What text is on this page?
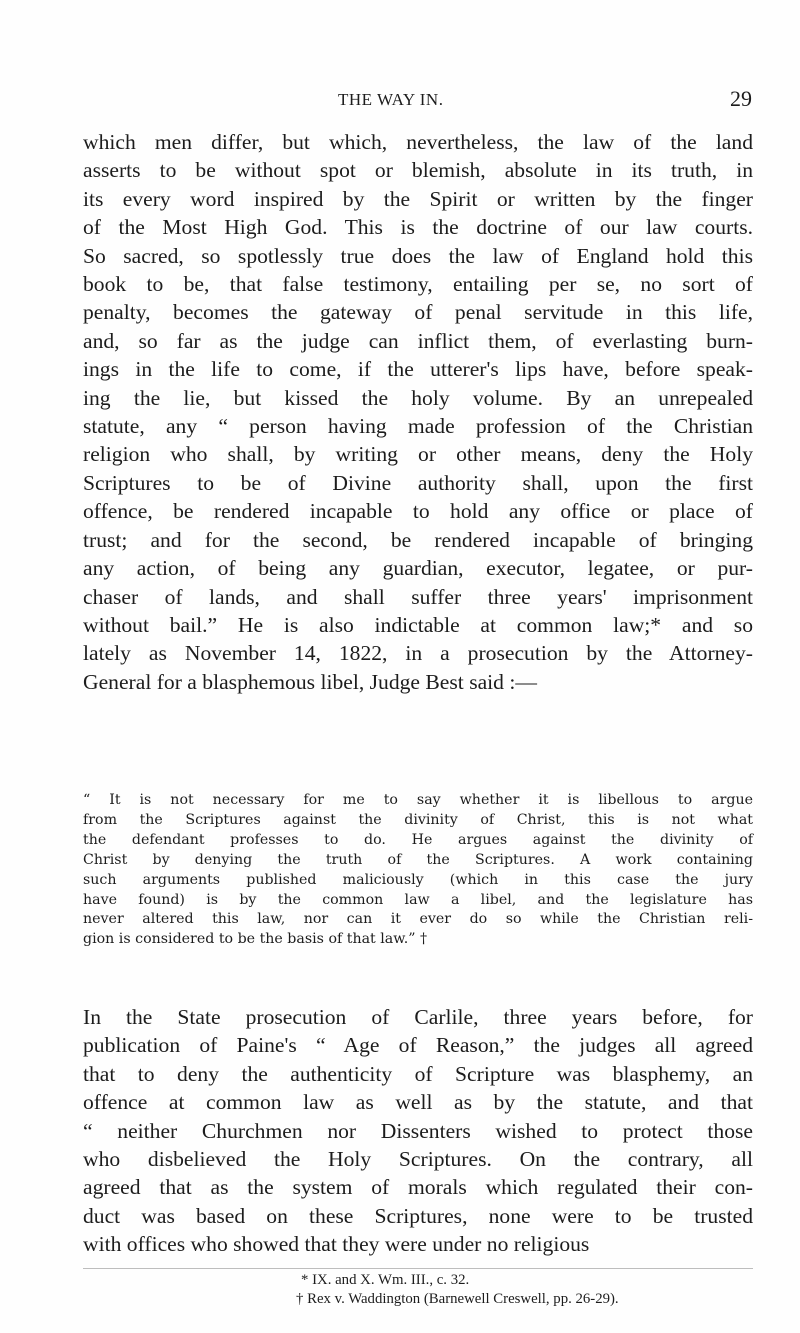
THE WAY IN.	29
which men differ, but which, nevertheless, the law of the land
asserts to be without spot or blemish, absolute in its truth, in
its every word inspired by the Spirit or written by the finger
of the Most High God. This is the doctrine of our law courts.
So sacred, so spotlessly true does the law of England hold this
book to be, that false testimony, entailing per se, no sort of
penalty, becomes the gateway of penal servitude in this life,
and, so far as the judge can inflict them, of everlasting burn-
ings in the life to come, if the utterer's lips have, before speak-
ing the lie, but kissed the holy volume. By an unrepealed
statute, any “ person having made profession of the Christian
religion who shall, by writing or other means, deny the Holy
Scriptures to be of Divine authority shall, upon the first
offence, be rendered incapable to hold any office or place of
trust; and for the second, be rendered incapable of bringing
any action, of being any guardian, executor, legatee, or pur-
chaser of lands, and shall suffer three years' imprisonment
without bail.” He is also indictable at common law;* and so
lately as November 14, 1822, in a prosecution by the Attorney-
General for a blasphemous libel, Judge Best said :—
“ It is not necessary for me to say whether it is libellous to argue
from the Scriptures against the divinity of Christ, this is not what
the defendant professes to do. He argues against the divinity of
Christ by denying the truth of the Scriptures. A work containing
such arguments published maliciously (which in this case the jury
have found) is by the common law a libel, and the legislature has
never altered this law, nor can it ever do so while the Christian reli-
gion is considered to be the basis of that law.” †
In the State prosecution of Carlile, three years before, for
publication of Paine's “ Age of Reason,” the judges all agreed
that to deny the authenticity of Scripture was blasphemy, an
offence at common law as well as by the statute, and that
“ neither Churchmen nor Dissenters wished to protect those
who disbelieved the Holy Scriptures. On the contrary, all
agreed that as the system of morals which regulated their con-
duct was based on these Scriptures, none were to be trusted
with offices who showed that they were under no religious
* IX. and X. Wm. III., c. 32.
† Rex v. Waddington (Barnewell Creswell, pp. 26-29).
